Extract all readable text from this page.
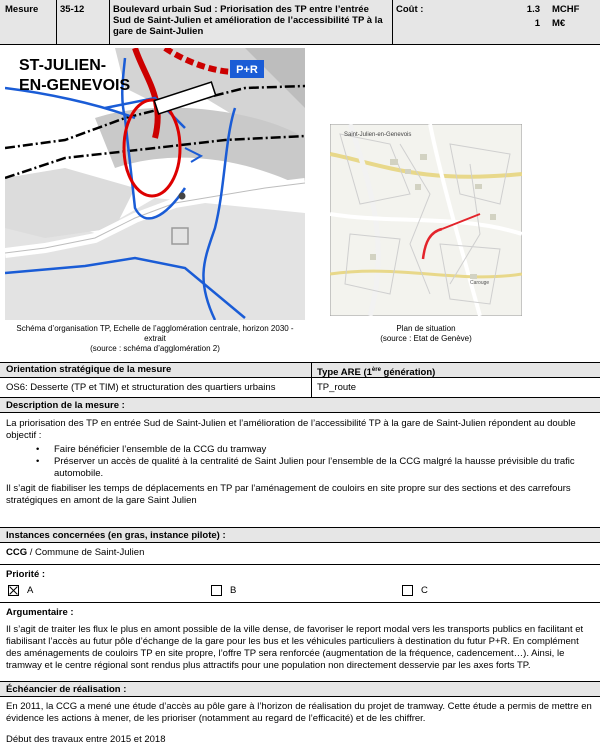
Mesure 35-12	Boulevard urbain Sud : Priorisation des TP entre l’entrée Sud de Saint-Julien et amélioration de l’accessibilité TP à la gare de Saint-Julien
Coût :	1.3 MCHF
1 M€
P+R
ST-JULIEN-
EN-GENEVOIS
Schéma d’organisation TP, Echelle de l’agglomération centrale, horizon 2030 -
extrait
(source : schéma d’agglomération 2)
Saint-Julien-en-Genevois
Carouge
Plan de situation
(source : Etat de Genève)
Orientation stratégique de la mesure	Type ARE (1ère génération)
OS6: Desserte (TP et TIM) et structuration des quartiers urbains	TP_route
Description de la mesure :
La priorisation des TP en entrée Sud de Saint-Julien et l’amélioration de l’accessibilité TP à la gare de Saint-Julien répondent au double objectif :
• Faire bénéficier l’ensemble de la CCG du tramway
• Préserver un accès de qualité à la centralité de Saint Julien pour l’ensemble de la CCG malgré la hausse prévisible du trafic automobile.
Il s’agit de fiabiliser les temps de déplacements en TP par l’aménagement de couloirs en site propre sur des sections et des carrefours stratégiques en amont de la gare Saint Julien
Instances concernées (en gras, instance pilote) :
CCG / Commune de Saint-Julien
Priorité :
A	B	C
Argumentaire :
Il s’agit de traiter les flux le plus en amont possible de la ville dense, de favoriser le report modal vers les transports publics en facilitant et fiabilisant l’accès au futur pôle d’échange de la gare pour les bus et les véhicules particuliers à destination du futur P+R. En complément des aménagements de couloirs TP en site propre, l’offre TP sera renforcée (augmentation de la fréquence, cadencement…). Ainsi, le tramway et le centre régional sont rendus plus attractifs pour une population non directement desservie par les axes forts TP.
Échéancier de réalisation :
En 2011, la CCG a mené une étude d’accès au pôle gare à l’horizon de réalisation du projet de tramway. Cette étude a permis de mettre en évidence les actions à mener, de les prioriser (notamment au regard de l’efficacité) et de les chiffrer.
Début des travaux entre 2015 et 2018
